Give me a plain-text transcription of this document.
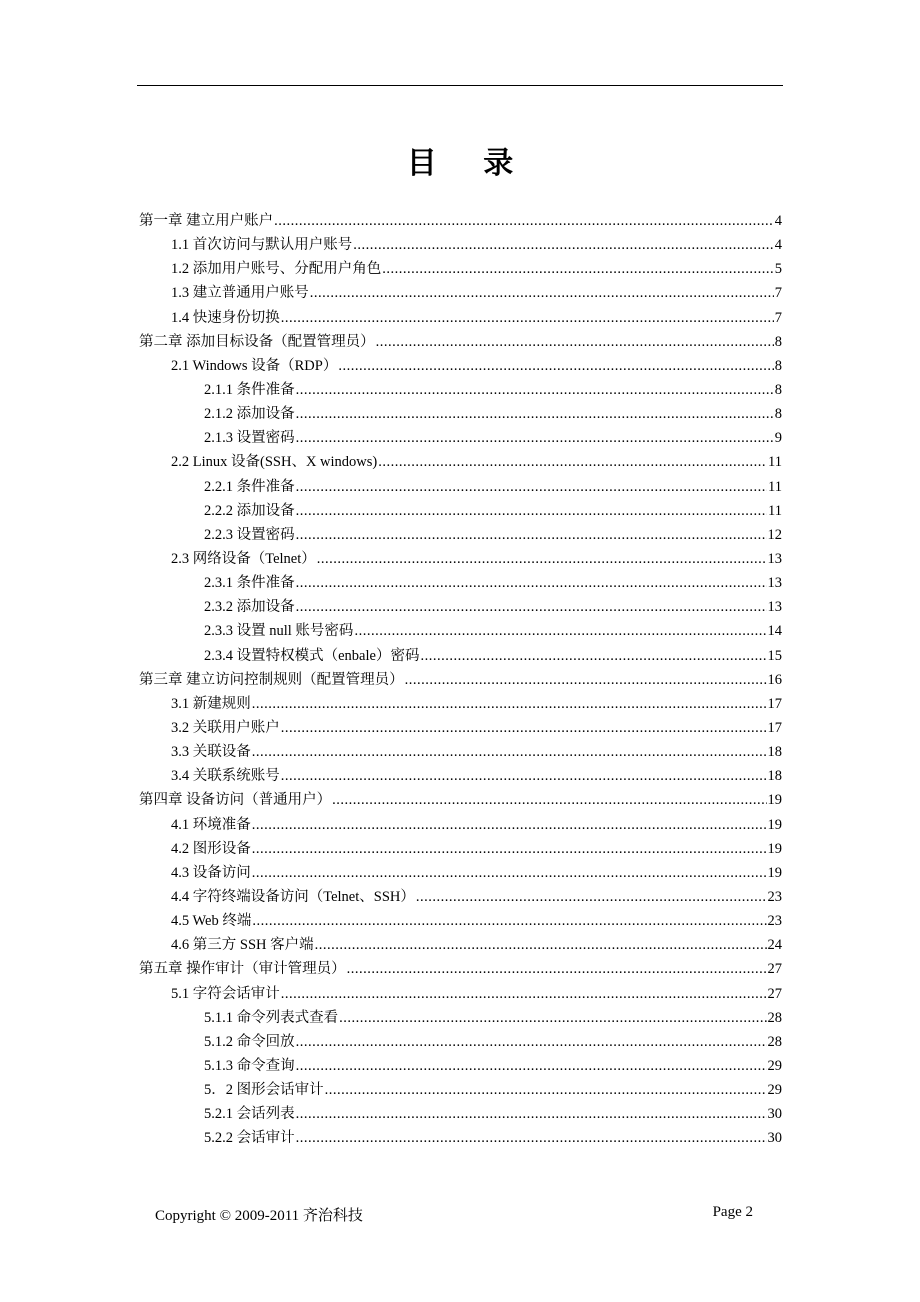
目 录
第一章 建立用户账户 .....	4
1.1 首次访问与默认用户账号 .....	4
1.2 添加用户账号、分配用户角色 .....	5
1.3 建立普通用户账号 .....	7
1.4 快速身份切换 .....	7
第二章 添加目标设备（配置管理员） .....	8
2.1 Windows 设备（RDP） .....	8
2.1.1 条件准备 .....	8
2.1.2 添加设备 .....	8
2.1.3 设置密码 .....	9
2.2 Linux 设备(SSH、X windows) .....	11
2.2.1 条件准备 .....	11
2.2.2 添加设备 .....	11
2.2.3 设置密码 .....	12
2.3 网络设备（Telnet） .....	13
2.3.1 条件准备 .....	13
2.3.2 添加设备 .....	13
2.3.3 设置 null 账号密码 .....	14
2.3.4 设置特权模式（enbale）密码 .....	15
第三章 建立访问控制规则（配置管理员） .....	16
3.1 新建规则 .....	17
3.2 关联用户账户 .....	17
3.3 关联设备 .....	18
3.4 关联系统账号 .....	18
第四章 设备访问（普通用户） .....	19
4.1 环境准备 .....	19
4.2 图形设备 .....	19
4.3 设备访问 .....	19
4.4 字符终端设备访问（Telnet、SSH） .....	23
4.5 Web 终端 .....	23
4.6 第三方 SSH 客户端 .....	24
第五章 操作审计（审计管理员） .....	27
5.1 字符会话审计 .....	27
5.1.1 命令列表式查看 .....	28
5.1.2 命令回放 .....	28
5.1.3 命令查询 .....	29
5．2 图形会话审计 .....	29
5.2.1 会话列表 .....	30
5.2.2 会话审计 .....	30
Copyright © 2009-2011 齐治科技	Page 2
